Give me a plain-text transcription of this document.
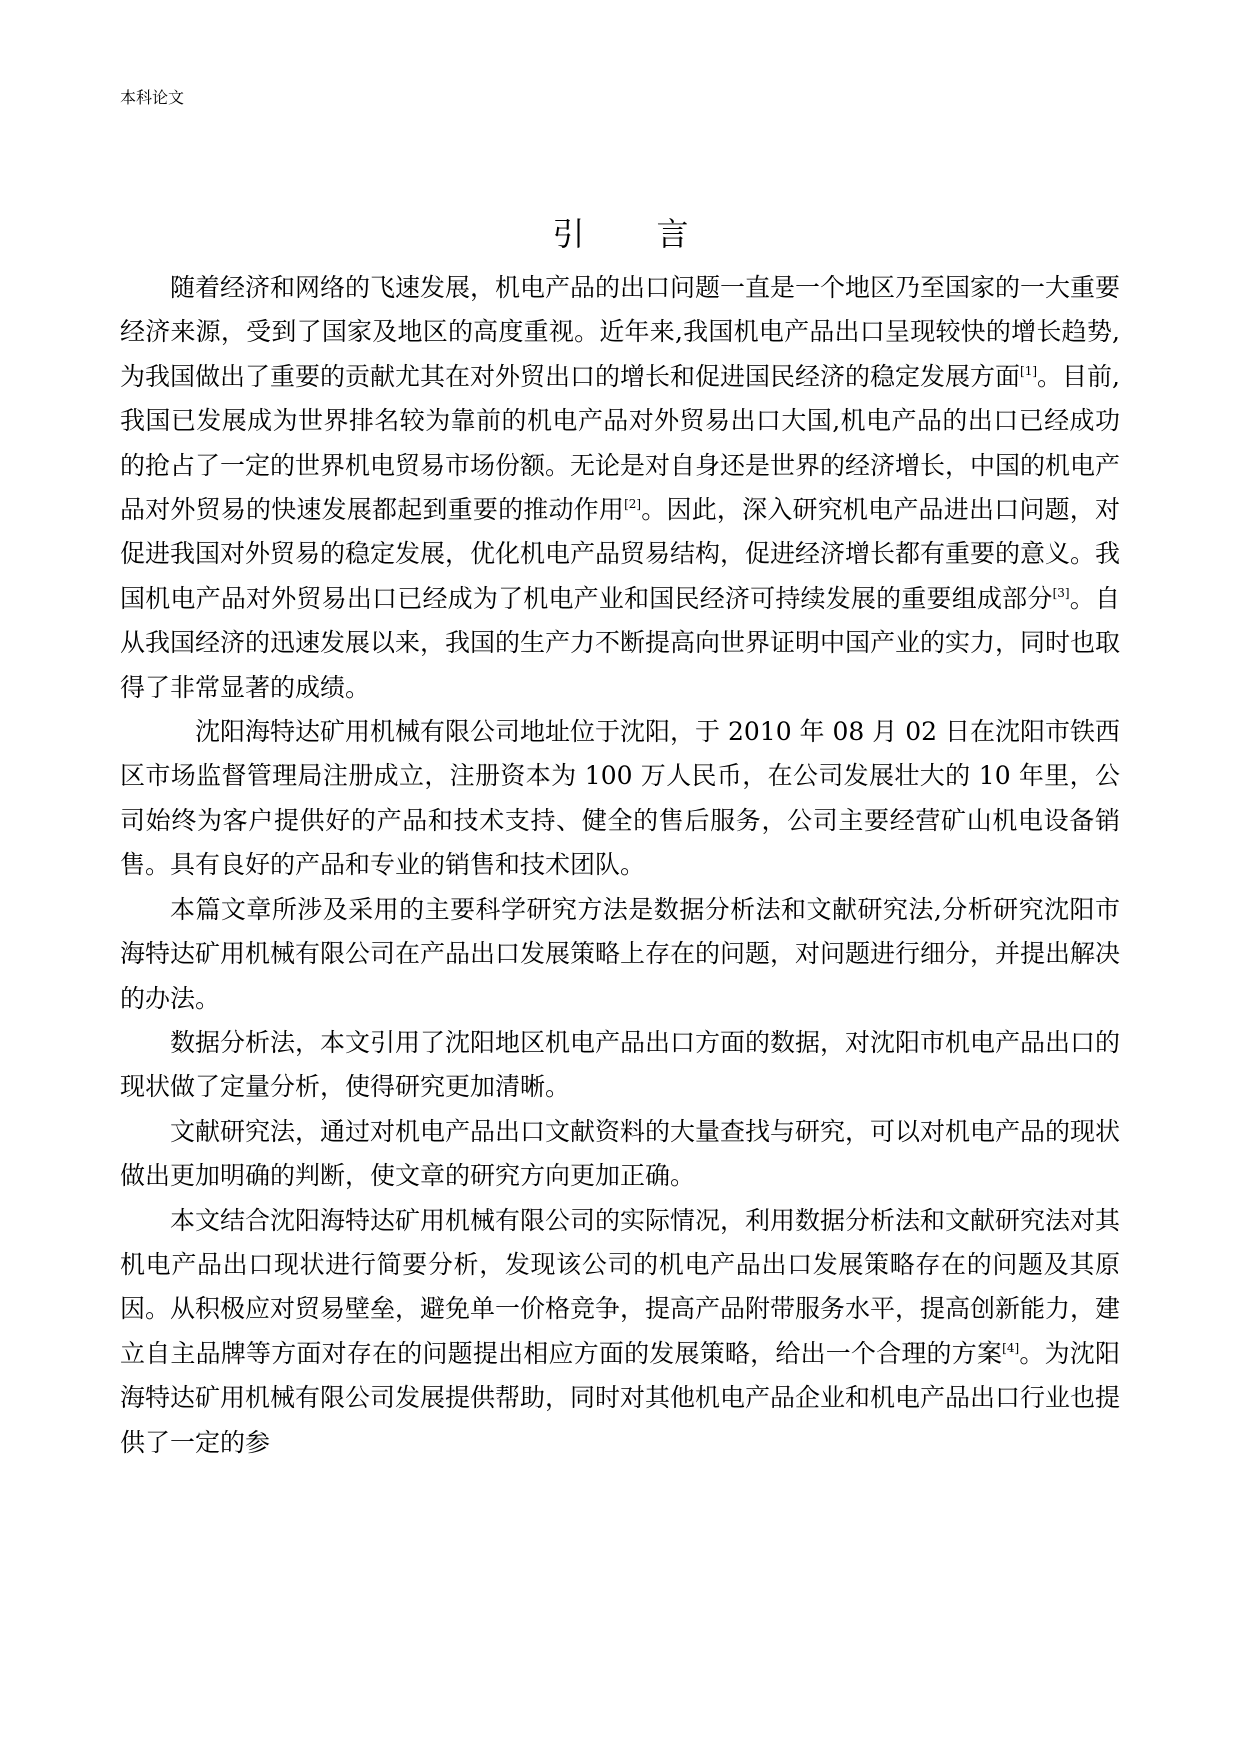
本科论文
引 言

随着经济和网络的飞速发展，机电产品的出口问题一直是一个地区乃至国家的一大重要经济来源，受到了国家及地区的高度重视。近年来,我国机电产品出口呈现较快的增长趋势,为我国做出了重要的贡献尤其在对外贸出口的增长和促进国民经济的稳定发展方面[1]。目前,我国已发展成为世界排名较为靠前的机电产品对外贸易出口大国,机电产品的出口已经成功的抢占了一定的世界机电贸易市场份额。无论是对自身还是世界的经济增长，中国的机电产品对外贸易的快速发展都起到重要的推动作用[2]。因此，深入研究机电产品进出口问题，对促进我国对外贸易的稳定发展，优化机电产品贸易结构，促进经济增长都有重要的意义。我国机电产品对外贸易出口已经成为了机电产业和国民经济可持续发展的重要组成部分[3]。自从我国经济的迅速发展以来，我国的生产力不断提高向世界证明中国产业的实力，同时也取得了非常显著的成绩。

沈阳海特达矿用机械有限公司地址位于沈阳，于 2010 年 08 月 02 日在沈阳市铁西区市场监督管理局注册成立，注册资本为 100 万人民币，在公司发展壮大的 10 年里，公司始终为客户提供好的产品和技术支持、健全的售后服务，公司主要经营矿山机电设备销售。具有良好的产品和专业的销售和技术团队。

本篇文章所涉及采用的主要科学研究方法是数据分析法和文献研究法,分析研究沈阳市海特达矿用机械有限公司在产品出口发展策略上存在的问题，对问题进行细分，并提出解决的办法。

数据分析法，本文引用了沈阳地区机电产品出口方面的数据，对沈阳市机电产品出口的现状做了定量分析，使得研究更加清晰。

文献研究法，通过对机电产品出口文献资料的大量查找与研究，可以对机电产品的现状做出更加明确的判断，使文章的研究方向更加正确。

本文结合沈阳海特达矿用机械有限公司的实际情况，利用数据分析法和文献研究法对其机电产品出口现状进行简要分析，发现该公司的机电产品出口发展策略存在的问题及其原因。从积极应对贸易壁垒，避免单一价格竞争，提高产品附带服务水平，提高创新能力，建立自主品牌等方面对存在的问题提出相应方面的发展策略，给出一个合理的方案[4]。为沈阳海特达矿用机械有限公司发展提供帮助，同时对其他机电产品企业和机电产品出口行业也提供了一定的参
